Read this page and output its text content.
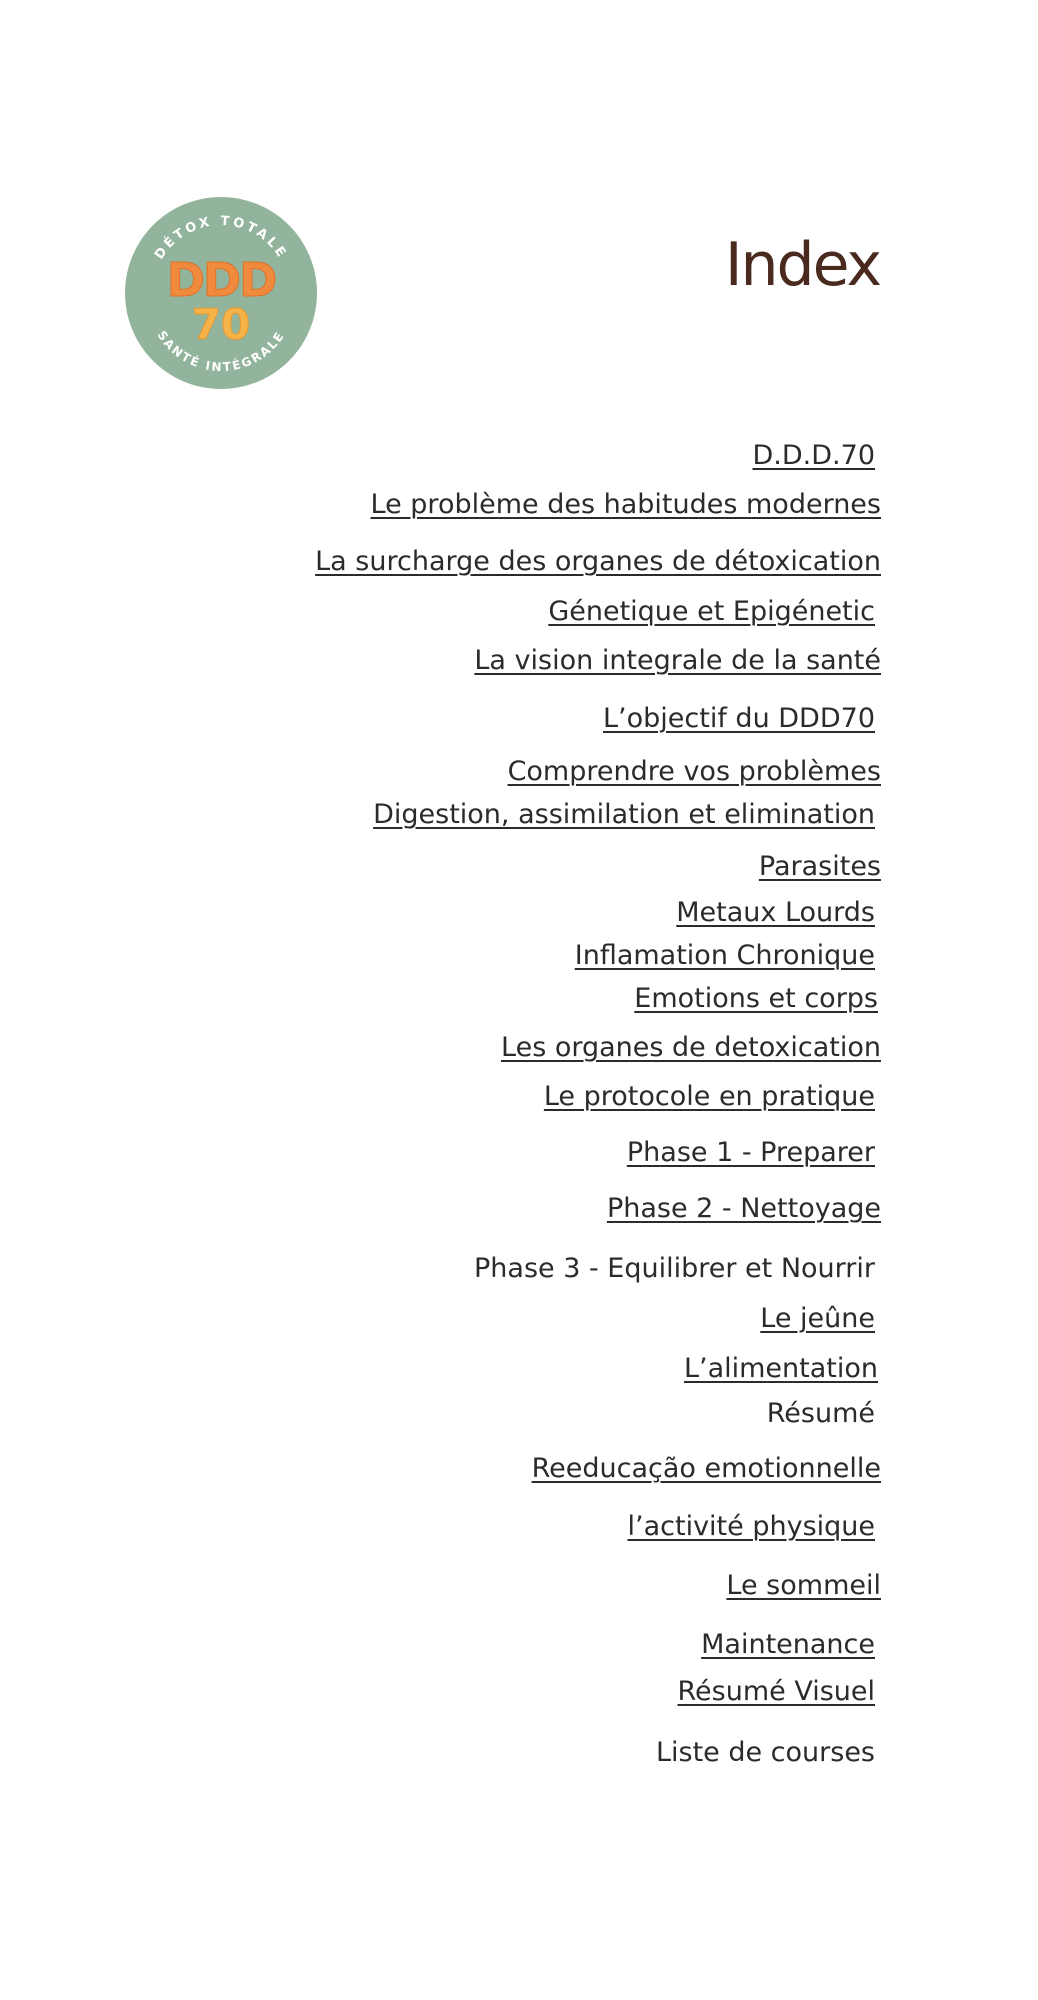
DÉTOX TOTALE
SANTÉ INTÉGRALE
DDD
70
Index
D.D.D.70
Le problème des habitudes modernes
La surcharge des organes de détoxication
Génetique et Epigénetic
La vision integrale de la santé
L’objectif du DDD70
Comprendre vos problèmes
Digestion, assimilation et elimination
Parasites
Metaux Lourds
Inflamation Chronique
Emotions et corps
Les organes de detoxication
Le protocole en pratique
Phase 1 - Preparer
Phase 2 - Nettoyage
Phase 3 - Equilibrer et Nourrir
Le jeûne
L’alimentation
Résumé
Reeducação emotionnelle
l’activité physique
Le sommeil
Maintenance
Résumé Visuel
Liste de courses
